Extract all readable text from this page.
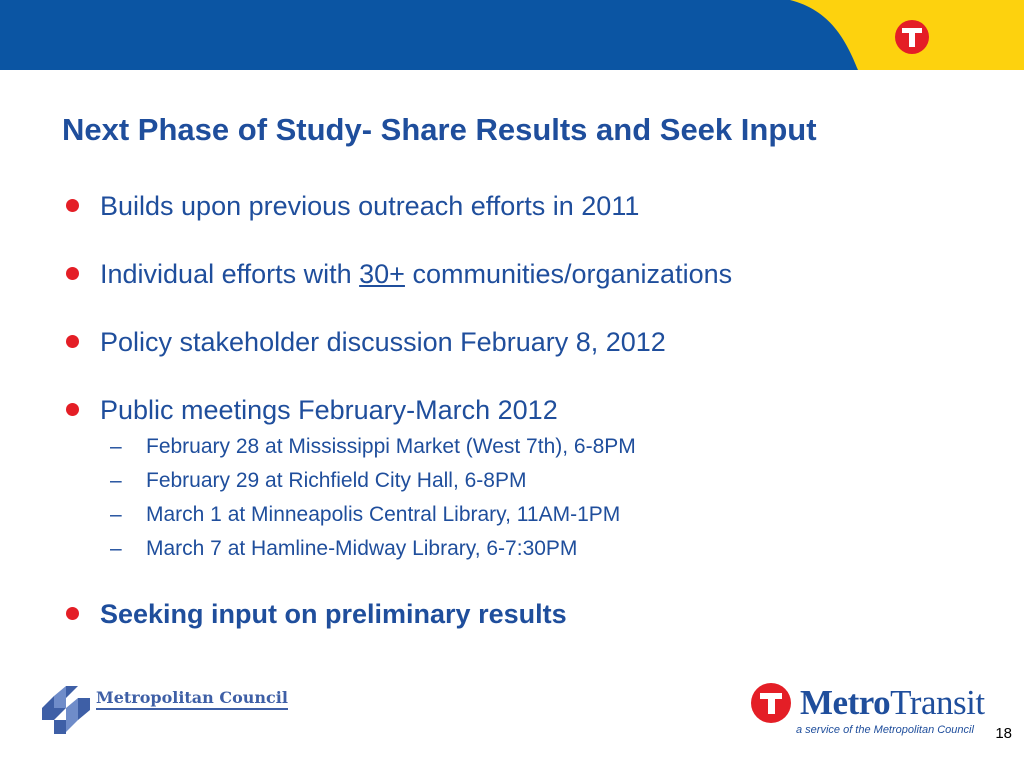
Next Phase of Study- Share Results and Seek Input
Builds upon previous outreach efforts in 2011
Individual efforts with 30+ communities/organizations
Policy stakeholder discussion February 8, 2012
Public meetings February-March 2012
– February 28 at Mississippi Market (West 7th), 6-8PM
– February 29 at Richfield City Hall, 6-8PM
– March 1 at Minneapolis Central Library, 11AM-1PM
– March 7 at Hamline-Midway Library, 6-7:30PM
Seeking input on preliminary results
Metropolitan Council	MetroTransit
a service of the Metropolitan Council 18
